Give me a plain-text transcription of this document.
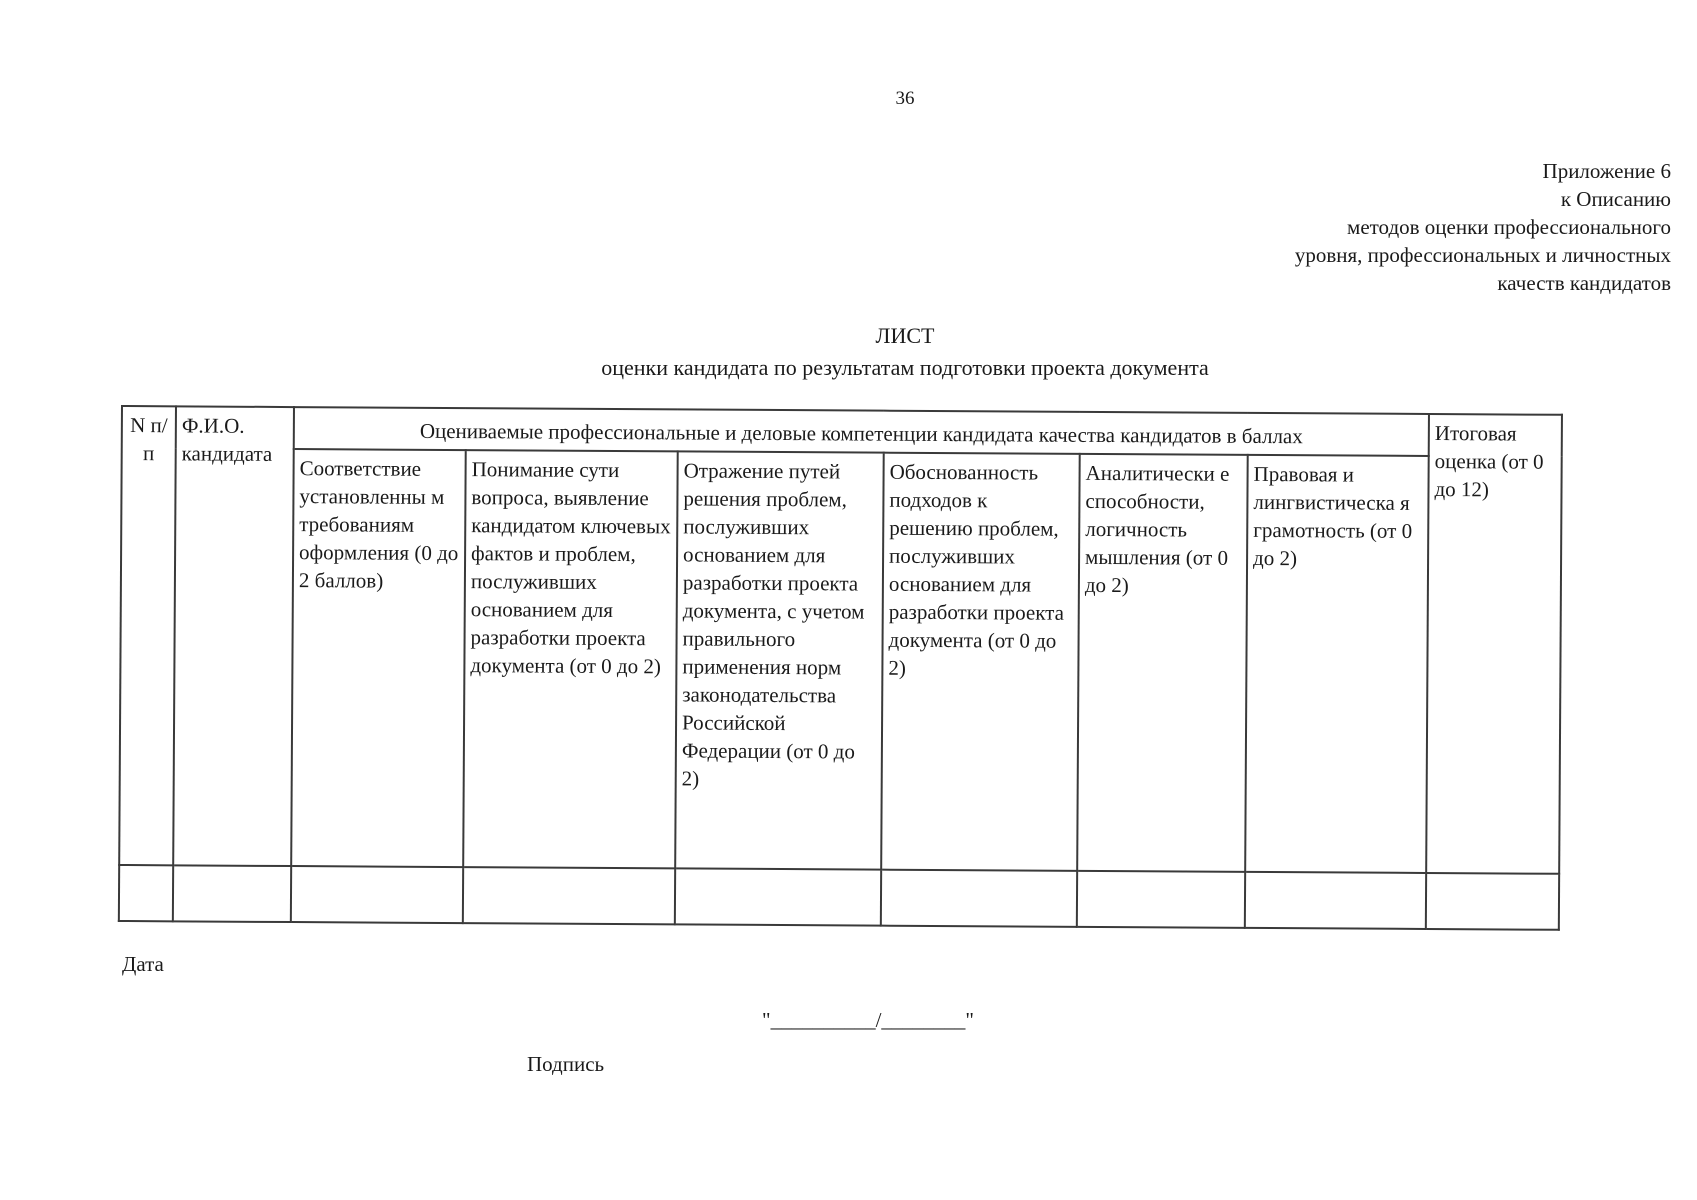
36
Приложение 6
к Описанию
методов оценки профессионального
уровня, профессиональных и личностных
качеств кандидатов
ЛИСТ
оценки кандидата по результатам подготовки проекта документа
N п/п	Ф.И.О. кандидата	Оцениваемые профессиональные и деловые компетенции кандидата качества кандидатов в баллах						Итоговая оценка (от 0 до 12)
		Соответствие установленны м требованиям оформления (0 до 2 баллов)	Понимание сути вопроса, выявление кандидатом ключевых фактов и проблем, послуживших основанием для разработки проекта документа (от 0 до 2)	Отражение путей решения проблем, послуживших основанием для разработки проекта документа, с учетом правильного применения норм законодательства Российской Федерации (от 0 до 2)	Обоснованность подходов к решению проблем, послуживших основанием для разработки проекта документа (от 0 до 2)	Аналитически е способности, логичность мышления (от 0 до 2)	Правовая и лингвистическа я грамотность (от 0 до 2)	

Дата
"__________/________"
Подпись
